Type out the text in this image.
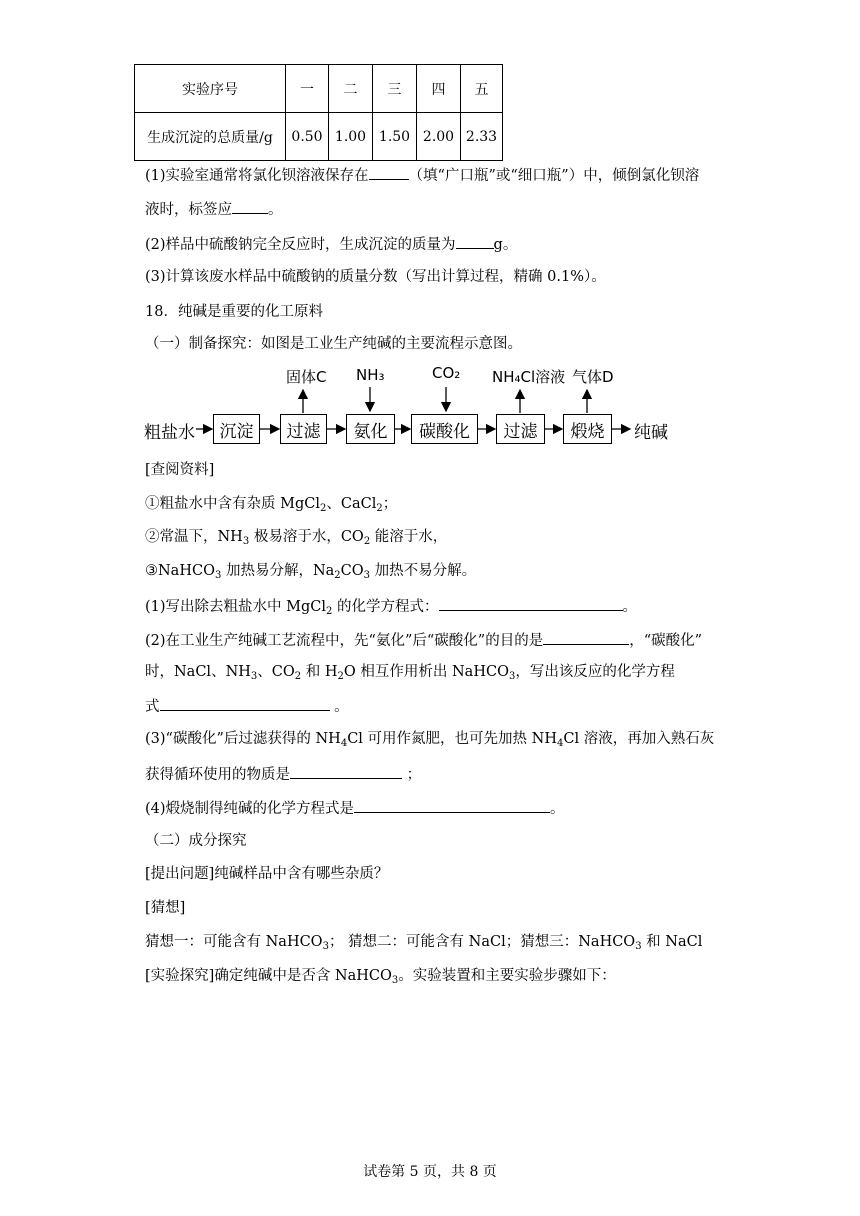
实验序号	一	二	三	四	五
生成沉淀的总质量/g	0.50	1.00	1.50	2.00	2.33
(1)实验室通常将氯化钡溶液保存在	（填“广口瓶”或“细口瓶”）中，倾倒氯化钡溶
液时，标签应 。
(2)样品中硫酸钠完全反应时，生成沉淀的质量为	g。
(3)计算该废水样品中硫酸钠的质量分数（写出计算过程，精确 0.1%）。
18．纯碱是重要的化工原料
（一）制备探究：如图是工业生产纯碱的主要流程示意图。
粗盐水	沉淀	过滤	氨化	碳酸化	过滤	煅烧	纯碱
固体C NH₃	CO₂ NH₄Cl溶液 气体D
[查阅资料]
①粗盐水中含有杂质 MgCl$_2$、CaCl$_2$；
②常温下，$NH_3$ 极易溶于水，$CO_2$ 能溶于水，
③NaHCO$_3$ 加热易分解，$Na_2CO_3$ 加热不易分解。
(1)写出除去粗盐水中 MgCl$_2$ 的化学方程式：	。
(2)在工业生产纯碱工艺流程中，先“氨化”后“碳酸化”的目的是	，“碳酸化”
时，NaCl、$NH_3$、$CO_2$ 和 $H_2O$ 相互作用析出 NaHCO$_3$，写出该反应的化学方程
式	。
(3)“碳酸化”后过滤获得的 $NH_4Cl$ 可用作氮肥，也可先加热 $NH_4Cl$ 溶液，再加入熟石灰
获得循环使用的物质是	；
(4)煅烧制得纯碱的化学方程式是	。
（二）成分探究
[提出问题]纯碱样品中含有哪些杂质？
[猜想]
猜想一：可能含有 NaHCO$_3$； 猜想二：可能含有 NaCl；猜想三：NaHCO$_3$ 和 NaCl
[实验探究]确定纯碱中是否含 NaHCO$_3$。实验装置和主要实验步骤如下：
试卷第 5 页，共 8 页
